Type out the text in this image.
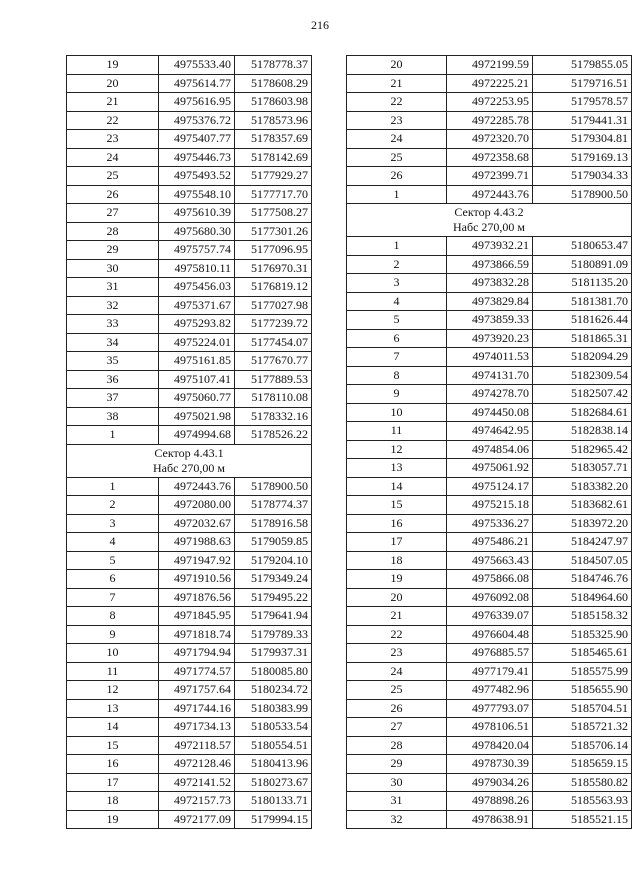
216
19	4975533.40	5178778.37
20	4975614.77	5178608.29
21	4975616.95	5178603.98
22	4975376.72	5178573.96
23	4975407.77	5178357.69
24	4975446.73	5178142.69
25	4975493.52	5177929.27
26	4975548.10	5177717.70
27	4975610.39	5177508.27
28	4975680.30	5177301.26
29	4975757.74	5177096.95
30	4975810.11	5176970.31
31	4975456.03	5176819.12
32	4975371.67	5177027.98
33	4975293.82	5177239.72
34	4975224.01	5177454.07
35	4975161.85	5177670.77
36	4975107.41	5177889.53
37	4975060.77	5178110.08
38	4975021.98	5178332.16
1	4974994.68	5178526.22

Сектор 4.43.1
Набс 270,00 м		

1	4972443.76	5178900.50
2	4972080.00	5178774.37
3	4972032.67	5178916.58
4	4971988.63	5179059.85
5	4971947.92	5179204.10
6	4971910.56	5179349.24
7	4971876.56	5179495.22
8	4971845.95	5179641.94
9	4971818.74	5179789.33
10	4971794.94	5179937.31
11	4971774.57	5180085.80
12	4971757.64	5180234.72
13	4971744.16	5180383.99
14	4971734.13	5180533.54
15	4972118.57	5180554.51
16	4972128.46	5180413.96
17	4972141.52	5180273.67
18	4972157.73	5180133.71
19	4972177.09	5179994.15
20	4972199.59	5179855.05
21	4972225.21	5179716.51
22	4972253.95	5179578.57
23	4972285.78	5179441.31
24	4972320.70	5179304.81
25	4972358.68	5179169.13
26	4972399.71	5179034.33
1	4972443.76	5178900.50

Сектор 4.43.2
Набс 270,00 м		

1	4973932.21	5180653.47
2	4973866.59	5180891.09
3	4973832.28	5181135.20
4	4973829.84	5181381.70
5	4973859.33	5181626.44
6	4973920.23	5181865.31
7	4974011.53	5182094.29
8	4974131.70	5182309.54
9	4974278.70	5182507.42
10	4974450.08	5182684.61
11	4974642.95	5182838.14
12	4974854.06	5182965.42
13	4975061.92	5183057.71
14	4975124.17	5183382.20
15	4975215.18	5183682.61
16	4975336.27	5183972.20
17	4975486.21	5184247.97
18	4975663.43	5184507.05
19	4975866.08	5184746.76
20	4976092.08	5184964.60
21	4976339.07	5185158.32
22	4976604.48	5185325.90
23	4976885.57	5185465.61
24	4977179.41	5185575.99
25	4977482.96	5185655.90
26	4977793.07	5185704.51
27	4978106.51	5185721.32
28	4978420.04	5185706.14
29	4978730.39	5185659.15
30	4979034.26	5185580.82
31	4978898.26	5185563.93
32	4978638.91	5185521.15
